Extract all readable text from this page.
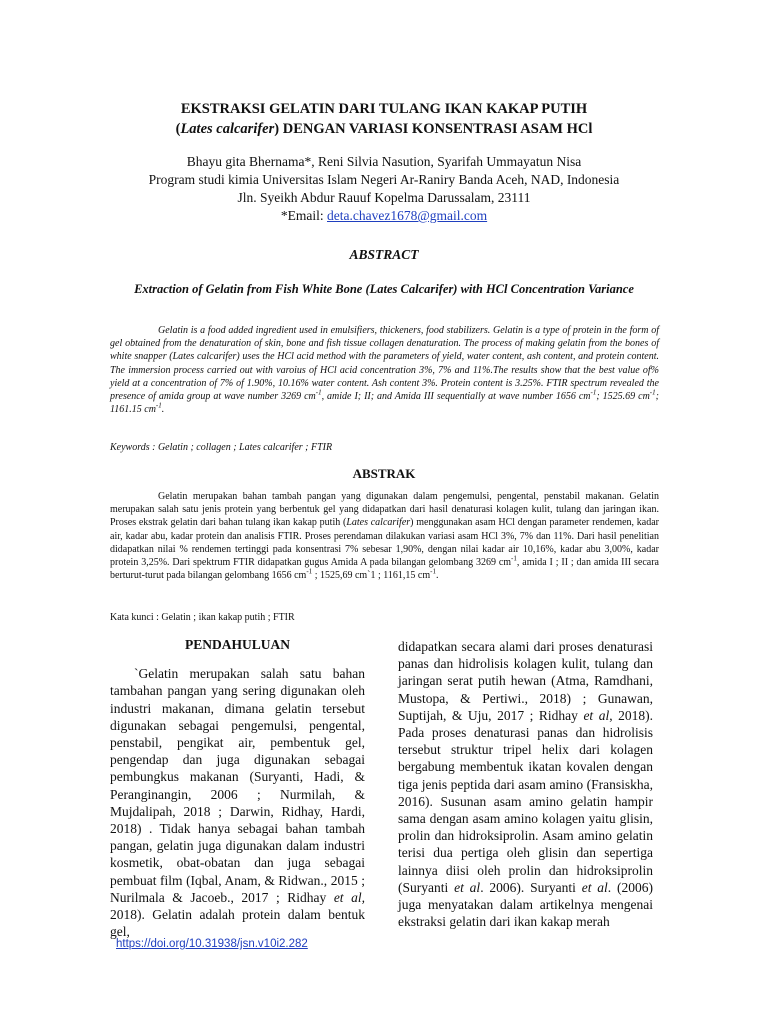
EKSTRAKSI GELATIN DARI TULANG IKAN KAKAP PUTIH
(Lates calcarifer) DENGAN VARIASI KONSENTRASI ASAM HCl
Bhayu gita Bhernama*, Reni Silvia Nasution, Syarifah Ummayatun Nisa
Program studi kimia Universitas Islam Negeri Ar-Raniry Banda Aceh, NAD, Indonesia
Jln. Syeikh Abdur Rauuf Kopelma Darussalam, 23111
*Email: deta.chavez1678@gmail.com
ABSTRACT
Extraction of Gelatin from Fish White Bone (Lates Calcarifer) with HCl Concentration Variance

Gelatin is a food added ingredient used in emulsifiers, thickeners, food stabilizers. Gelatin is a type of protein in the form of gel obtained from the denaturation of skin, bone and fish tissue collagen denaturation. The process of making gelatin from the bones of white snapper (Lates calcarifer) uses the HCl acid method with the parameters of yield, water content, ash content, and protein content. The immersion process carried out with varoius of HCl acid concentration 3%, 7% and 11%.The results show that the best value of% yield at a concentration of 7% of 1.90%, 10.16% water content. Ash content 3%. Protein content is 3.25%. FTIR spectrum revealed the presence of amida group at wave number 3269 $cm^{-1}$, amide I; II; and Amida III sequentially at wave number 1656 $cm^{-1}$; 1525.69 $cm^{-1}$; 1161.15 $cm^{-1}$.

Keywords : Gelatin ; collagen ; Lates calcarifer ; FTIR
ABSTRAK

Gelatin merupakan bahan tambah pangan yang digunakan dalam pengemulsi, pengental, penstabil makanan. Gelatin merupakan salah satu jenis protein yang berbentuk gel yang didapatkan dari hasil denaturasi kolagen kulit, tulang dan jaringan ikan. Proses ekstrak gelatin dari bahan tulang ikan kakap putih (Lates calcarifer) menggunakan asam HCl dengan parameter rendemen, kadar air, kadar abu, kadar protein dan analisis FTIR. Proses perendaman dilakukan variasi asam HCl 3%, 7% dan 11%. Dari hasil penelitian didapatkan nilai % rendemen tertinggi pada konsentrasi 7% sebesar 1,90%, dengan nilai kadar air 10,16%, kadar abu 3,00%, kadar protein 3,25%. Dari spektrum FTIR didapatkan gugus Amida A pada bilangan gelombang 3269 $cm^{-1}$, amida I ; II ; dan amida III secara berturut-turut pada bilangan gelombang 1656 $cm^{-1}$ ; 1525,69 cm`1 ; 1161,15 $cm^{-1}$.

Kata kunci : Gelatin ; ikan kakap putih ; FTIR
PENDAHULUAN

`Gelatin merupakan salah satu bahan tambahan pangan yang sering digunakan oleh industri makanan, dimana gelatin tersebut digunakan sebagai pengemulsi, pengental, penstabil, pengikat air, pembentuk gel, pengendap dan juga digunakan sebagai pembungkus makanan (Suryanti, Hadi, & Peranginangin, 2006 ; Nurmilah, & Mujdalipah, 2018 ; Darwin, Ridhay, Hardi, 2018) . Tidak hanya sebagai bahan tambah pangan, gelatin juga digunakan dalam industri kosmetik, obat-obatan dan juga sebagai pembuat film (Iqbal, Anam, & Ridwan., 2015 ; Nurilmala & Jacoeb., 2017 ; Ridhay et al, 2018). Gelatin adalah protein dalam bentuk gel,

didapatkan secara alami dari proses denaturasi panas dan hidrolisis kolagen kulit, tulang dan jaringan serat putih hewan (Atma, Ramdhani, Mustopa, & Pertiwi., 2018) ; Gunawan, Suptijah, & Uju, 2017 ; Ridhay et al, 2018). Pada proses denaturasi panas dan hidrolisis tersebut struktur tripel helix dari kolagen bergabung membentuk ikatan kovalen dengan tiga jenis peptida dari asam amino (Fransiskha, 2016). Susunan asam amino gelatin hampir sama dengan asam amino kolagen yaitu glisin, prolin dan hidroksiprolin. Asam amino gelatin terisi dua pertiga oleh glisin dan sepertiga lainnya diisi oleh prolin dan hidroksiprolin (Suryanti et al. 2006). Suryanti et al. (2006) juga menyatakan dalam artikelnya mengenai ekstraksi gelatin dari ikan kakap merah

https://doi.org/10.31938/jsn.v10i2.282
